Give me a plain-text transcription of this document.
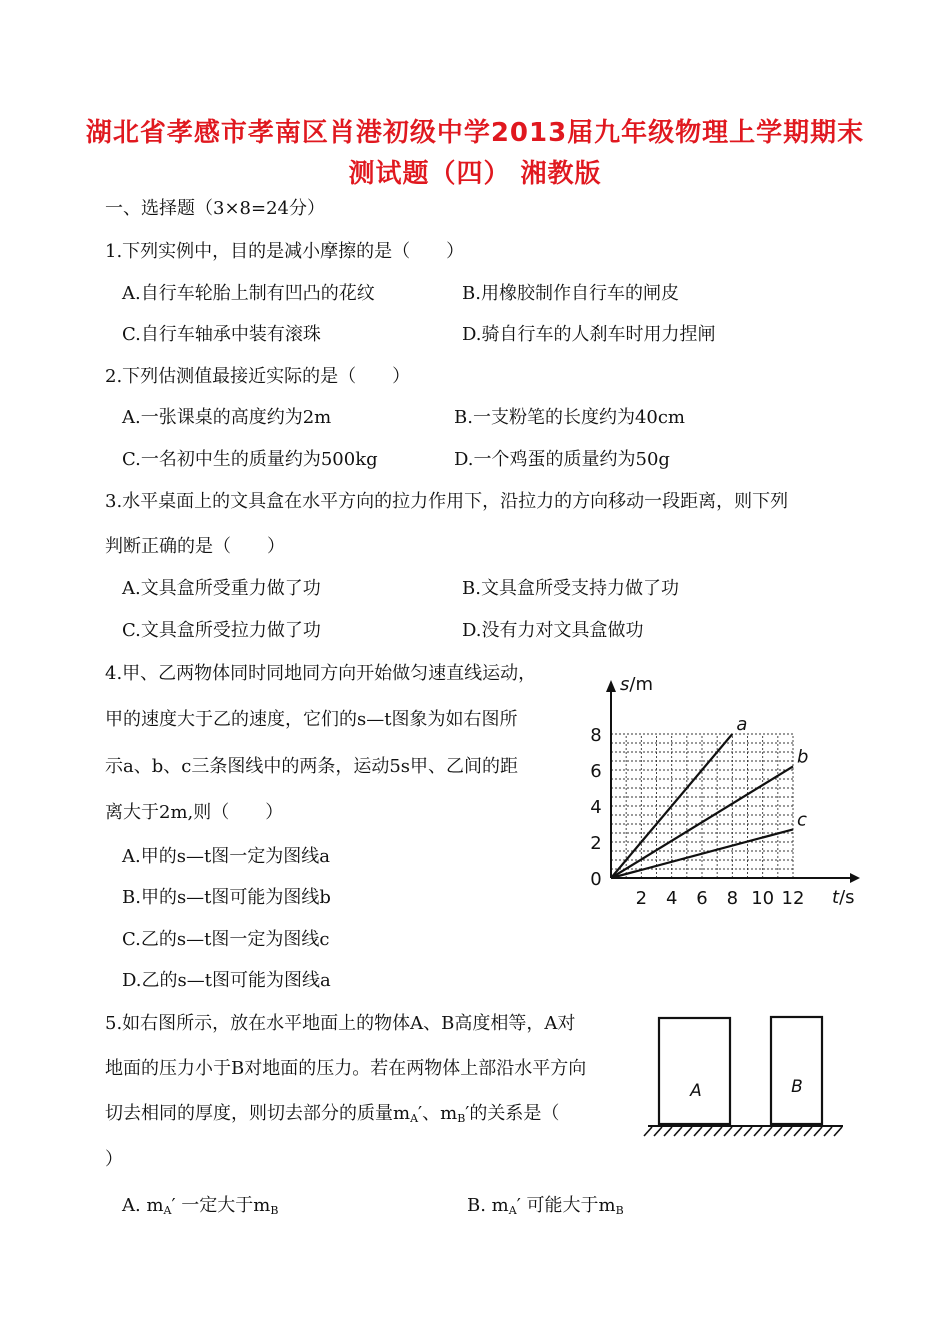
湖北省孝感市孝南区肖港初级中学2013届九年级物理上学期期末
测试题（四） 湘教版
一、选择题（3×8=24分）
1.下列实例中，目的是减小摩擦的是（　　）
A.自行车轮胎上制有凹凸的花纹	B.用橡胶制作自行车的闸皮
C.自行车轴承中装有滚珠	D.骑自行车的人刹车时用力捏闸
2.下列估测值最接近实际的是（　　）
A.一张课桌的高度约为2m	B.一支粉笔的长度约为40cm
C.一名初中生的质量约为500kg	D.一个鸡蛋的质量约为50g
3.水平桌面上的文具盒在水平方向的拉力作用下，沿拉力的方向移动一段距离，则下列
判断正确的是（　　）
A.文具盒所受重力做了功	B.文具盒所受支持力做了功
C.文具盒所受拉力做了功	D.没有力对文具盒做功
4.甲、乙两物体同时同地同方向开始做匀速直线运动，
甲的速度大于乙的速度，它们的s—t图象为如右图所
示a、b、c三条图线中的两条，运动5s甲、乙间的距
离大于2m,则（　　）
A.甲的s—t图一定为图线a
B.甲的s—t图可能为图线b
C.乙的s—t图一定为图线c
D.乙的s—t图可能为图线a
2
4
6
8
0
2 4 6 8 10 12
s/m
t/s
a
b
c
5.如右图所示，放在水平地面上的物体A、B高度相等，A对
地面的压力小于B对地面的压力。若在两物体上部沿水平方向
切去相同的厚度，则切去部分的质量$m_A'$、$m_B'$的关系是（
）
A. $m_A'$ 一定大于$m_B$	B. $m_A'$ 可能大于$m_B$
A	B
